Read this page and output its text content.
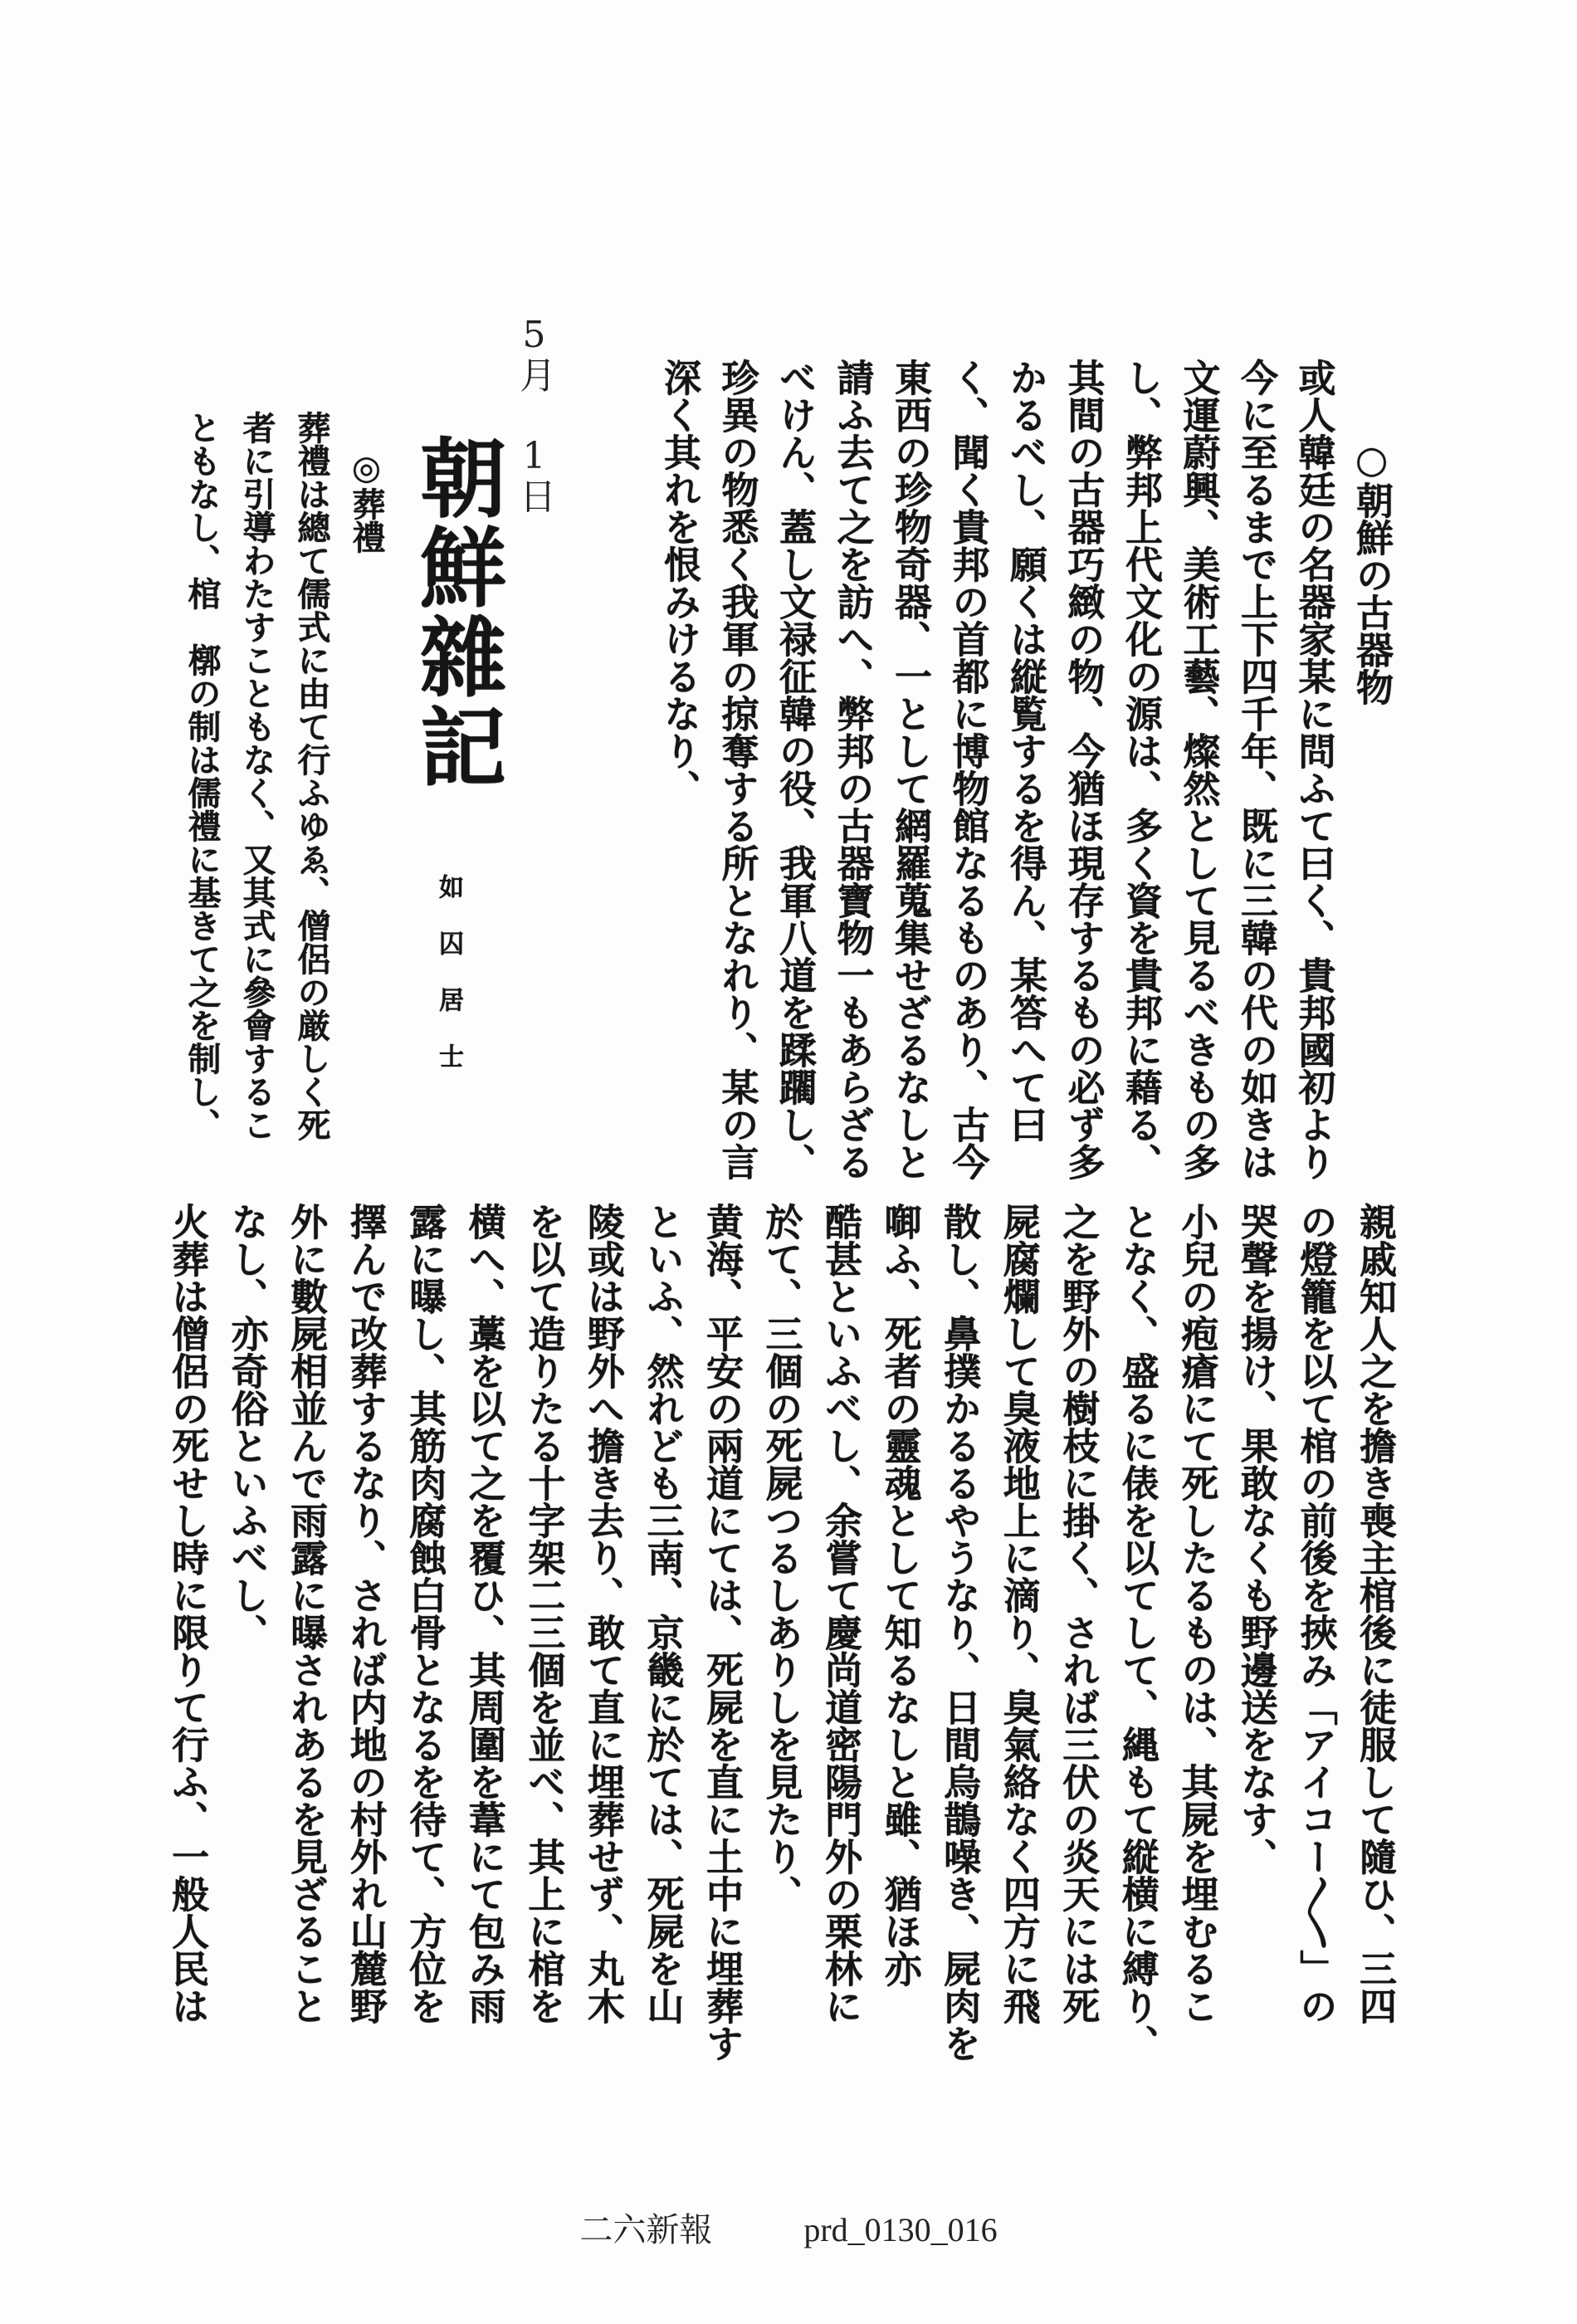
○朝鮮の古器物
或人韓廷の名器家某に問ふて曰く、貴邦國初より
今に至るまで上下四千年、既に三韓の代の如きは
文運蔚興、美術工藝、燦然として見るべきもの多
し、弊邦上代文化の源は、多く資を貴邦に藉る、
其間の古器巧緻の物、今猶ほ現存するもの必ず多
かるべし、願くは縦覧するを得ん、某答へて曰
く、聞く貴邦の首都に博物館なるものあり、古今
東西の珍物奇器、一として網羅蒐集せざるなしと
請ふ去て之を訪へ、弊邦の古器寶物一もあらざる
べけん、蓋し文禄征韓の役、我軍八道を蹂躙し、
珍異の物悉く我軍の掠奪する所となれり、某の言
深く其れを恨みけるなり、
5月 1日
朝鮮雜記
如囚居士
◎葬禮
葬禮は總て儒式に由て行ふゆゑ、僧侶の厳しく死
者に引導わたすこともなく、又其式に參會するこ
ともなし、棺　槨の制は儒禮に基きて之を制し、
親戚知人之を擔き喪主棺後に徒服して隨ひ、三四
の燈籠を以て棺の前後を挾み「アイコー〳〵」の
哭聲を揚け、果敢なくも野邊送をなす、
小兒の疱瘡にて死したるものは、其屍を埋むるこ
となく、盛るに俵を以てして、縄もて縦横に縛り、
之を野外の樹枝に掛く、されば三伏の炎天には死
屍腐爛して臭液地上に滴り、臭氣絡なく四方に飛
散し、鼻撲かるるやうなり、日間烏鵲噪き、屍肉を
啣ふ、死者の靈魂として知るなしと雖、猶ほ亦
酷甚といふべし、余嘗て慶尚道密陽門外の栗林に
於て、三個の死屍つるしありしを見たり、
黄海、平安の兩道にては、死屍を直に土中に埋葬す
といふ、然れども三南、京畿に於ては、死屍を山
陵或は野外へ擔き去り、敢て直に埋葬せず、丸木
を以て造りたる十字架二三個を並べ、其上に棺を
横へ、藁を以て之を覆ひ、其周圍を葦にて包み雨
露に曝し、其筋肉腐蝕白骨となるを待て、方位を
擇んで改葬するなり、されば内地の村外れ山麓野
外に數屍相並んで雨露に曝されあるを見ざること
なし、亦奇俗といふべし、
火葬は僧侶の死せし時に限りて行ふ、一般人民は
二六新報	prd_0130_016
